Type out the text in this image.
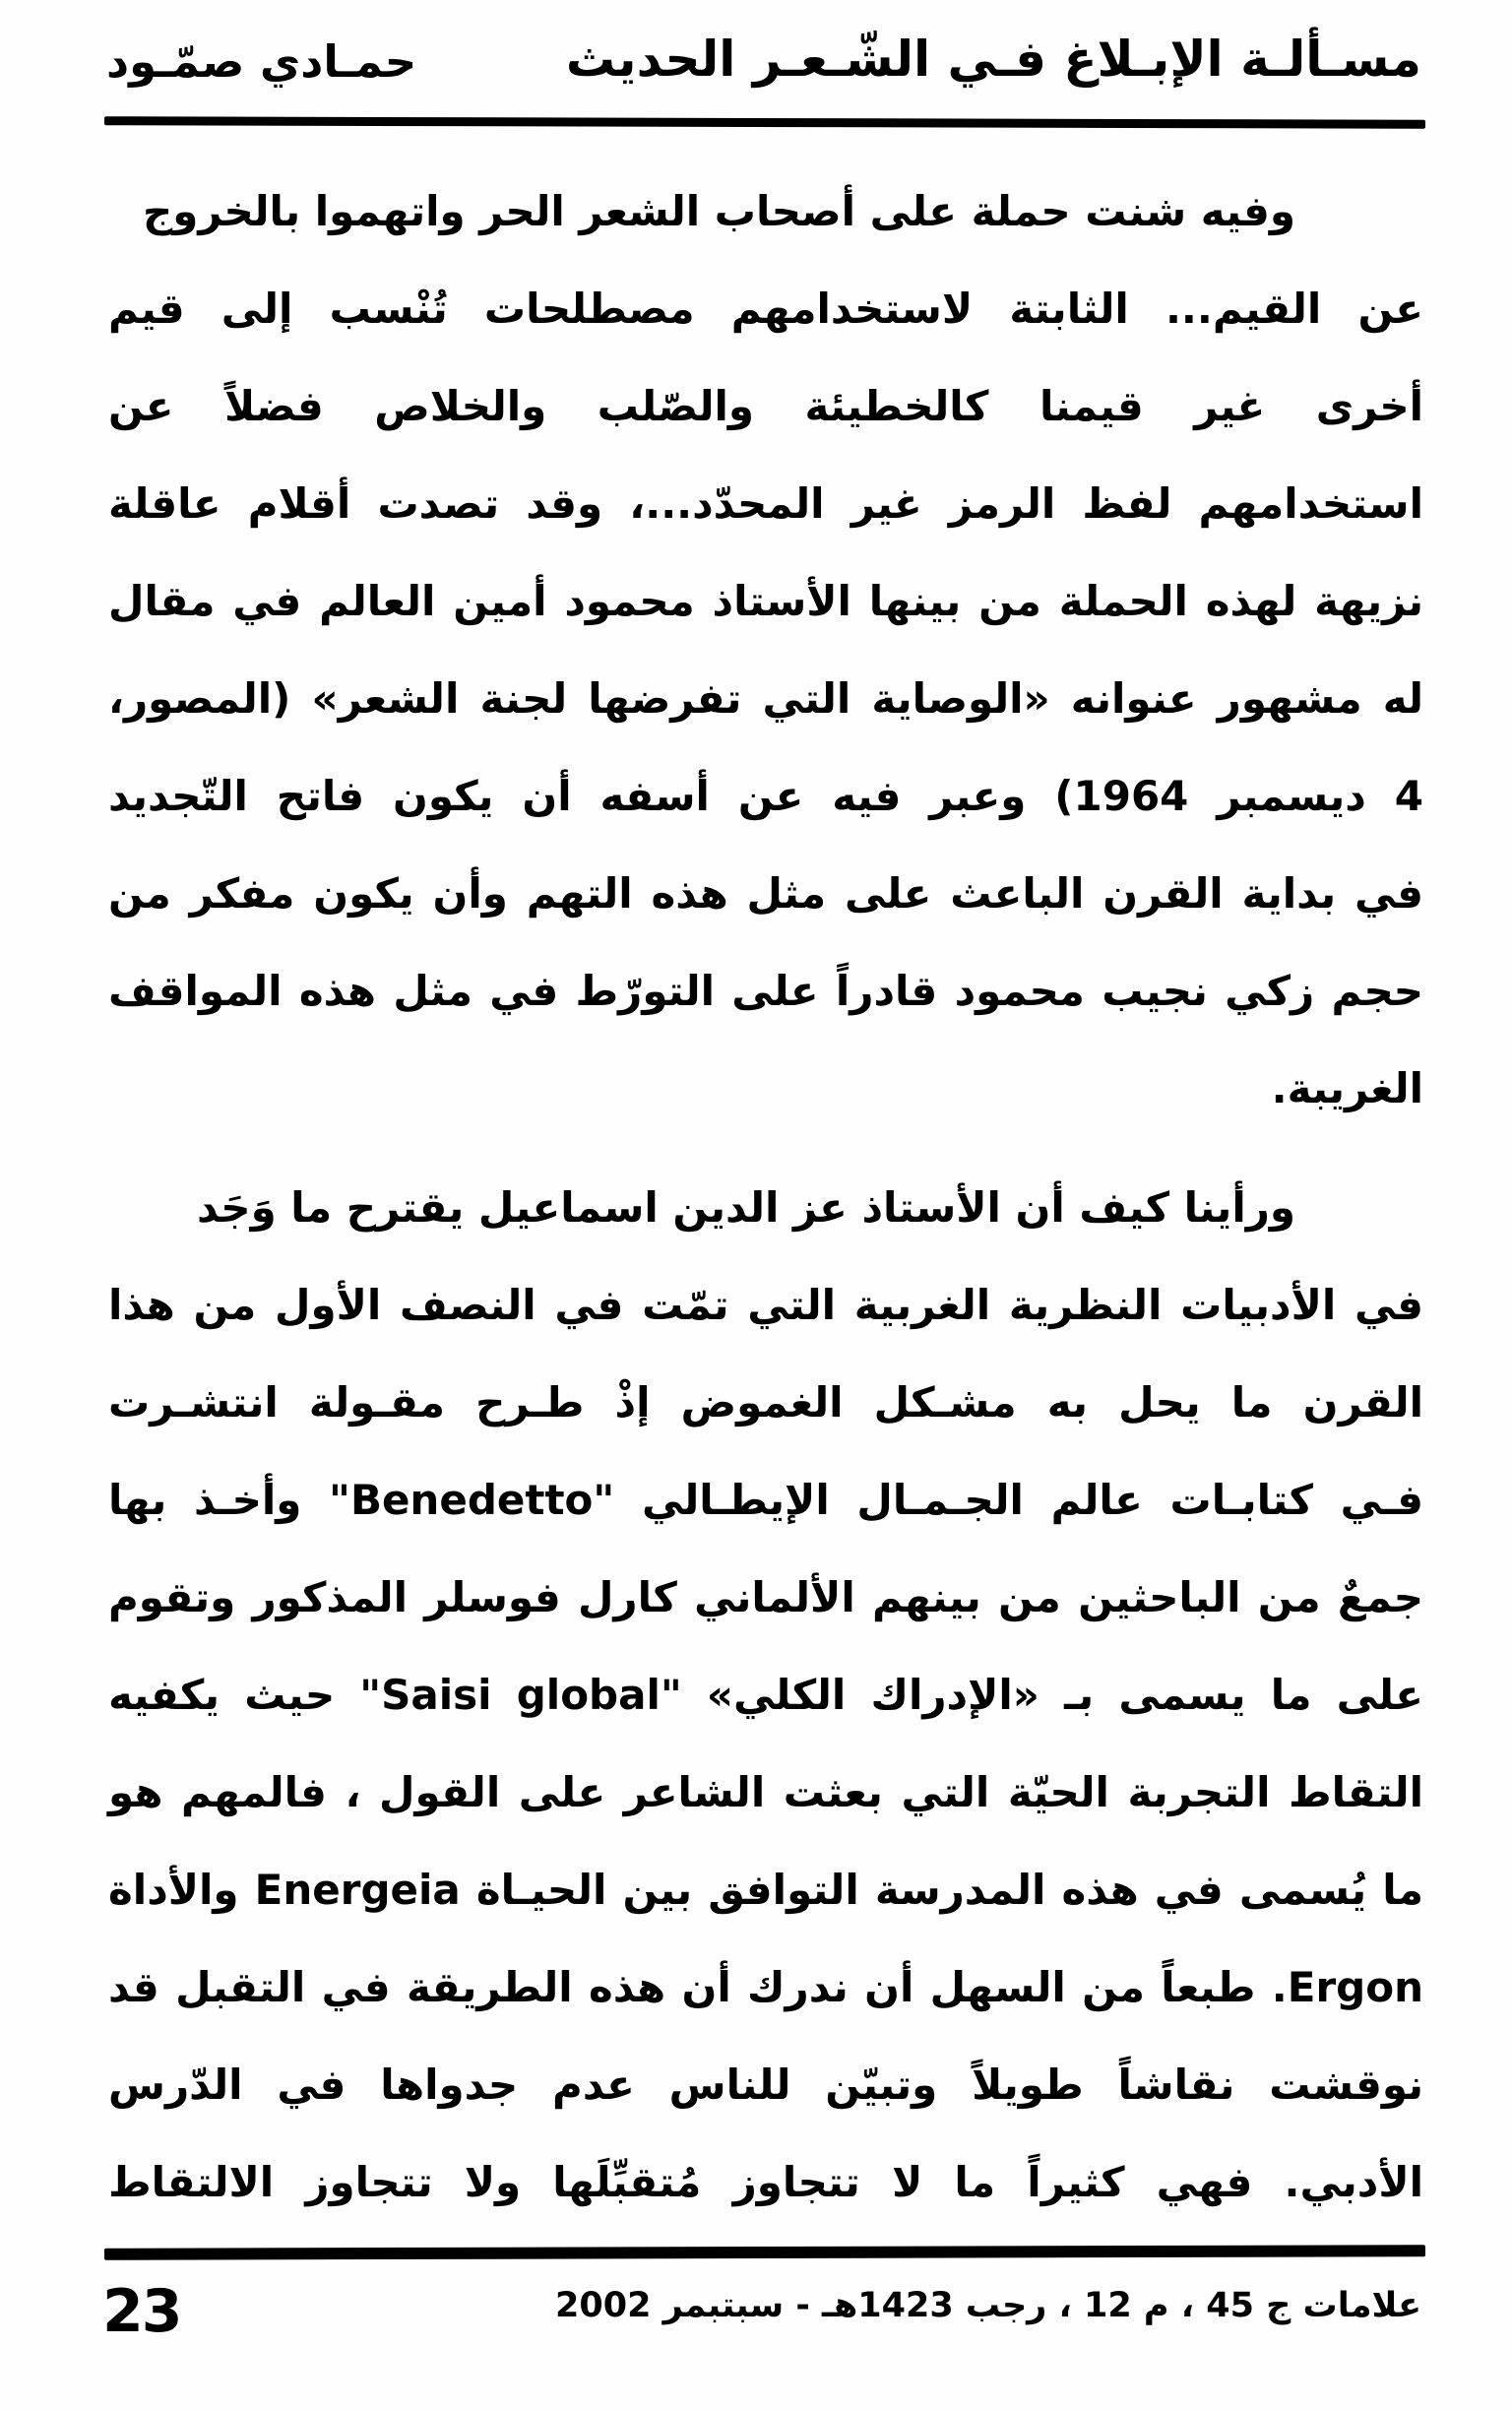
مسـألـة الإبـلاغ فـي الشّـعـر الحديث
حمـادي صمّـود
وفيه شنت حملة على أصحاب الشعر الحر واتهموا بالخروج
عن القيم... الثابتة لاستخدامهم مصطلحات تُنْسب إلى قيم
أخرى غير قيمنا كالخطيئة والصّلب والخلاص فضلاً عن
استخدامهم لفظ الرمز غير المحدّد...، وقد تصدت أقلام عاقلة
نزيهة لهذه الحملة من بينها الأستاذ محمود أمين العالم في مقال
له مشهور عنوانه «الوصاية التي تفرضها لجنة الشعر» (المصور،
4 ديسمبر 1964)‏ وعبر فيه عن أسفه أن يكون فاتح التّجديد
في بداية القرن الباعث على مثل هذه التهم وأن يكون مفكر من
حجم زكي نجيب محمود قادراً على التورّط في مثل هذه المواقف
الغريبة.
ورأينا كيف أن الأستاذ عز الدين اسماعيل يقترح ما وَجَد
في الأدبيات النظرية الغربية التي تمّت في النصف الأول من هذا
القرن ما يحل به مشـكل الغموض إذْ طـرح مقـولة انتشـرت
فـي كتابـات عالم الجـمـال الإيطـالي "Benedetto" وأخـذ بها
جمعٌ من الباحثين من بينهم الألماني كارل فوسلر المذكور وتقوم
على ما يسمى بـ «الإدراك الكلي» "Saisi global" حيث يكفيه
التقاط التجربة الحيّة التي بعثت الشاعر على القول ، فالمهم هو
ما يُسمى في هذه المدرسة التوافق بين الحيـاة Energeia والأداة
Ergon. طبعاً من السهل أن ندرك أن هذه الطريقة في التقبل قد
نوقشت نقاشاً طويلاً وتبيّن للناس عدم جدواها في الدّرس
الأدبي. فهي كثيراً ما لا تتجاوز مُتقبِّلَها ولا تتجاوز الالتقاط
علامات ج 45 ، م 12 ، رجب 1423هـ - سبتبمر 2002
23
